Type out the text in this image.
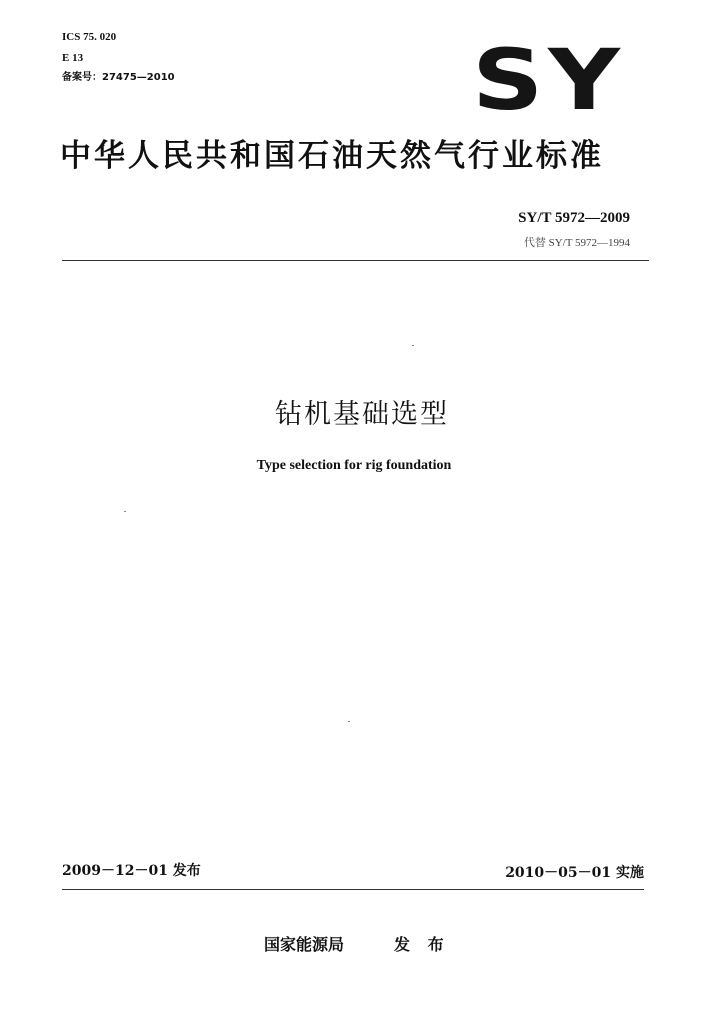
ICS 75. 020
E 13
备案号：27475—2010	SY
中华人民共和国石油天然气行业标准
SY/T 5972—2009
代替 SY/T 5972—1994
钻机基础选型
Type selection for rig foundation
2009－12－01 发布	2010－05－01 实施
国家能源局	发 布
